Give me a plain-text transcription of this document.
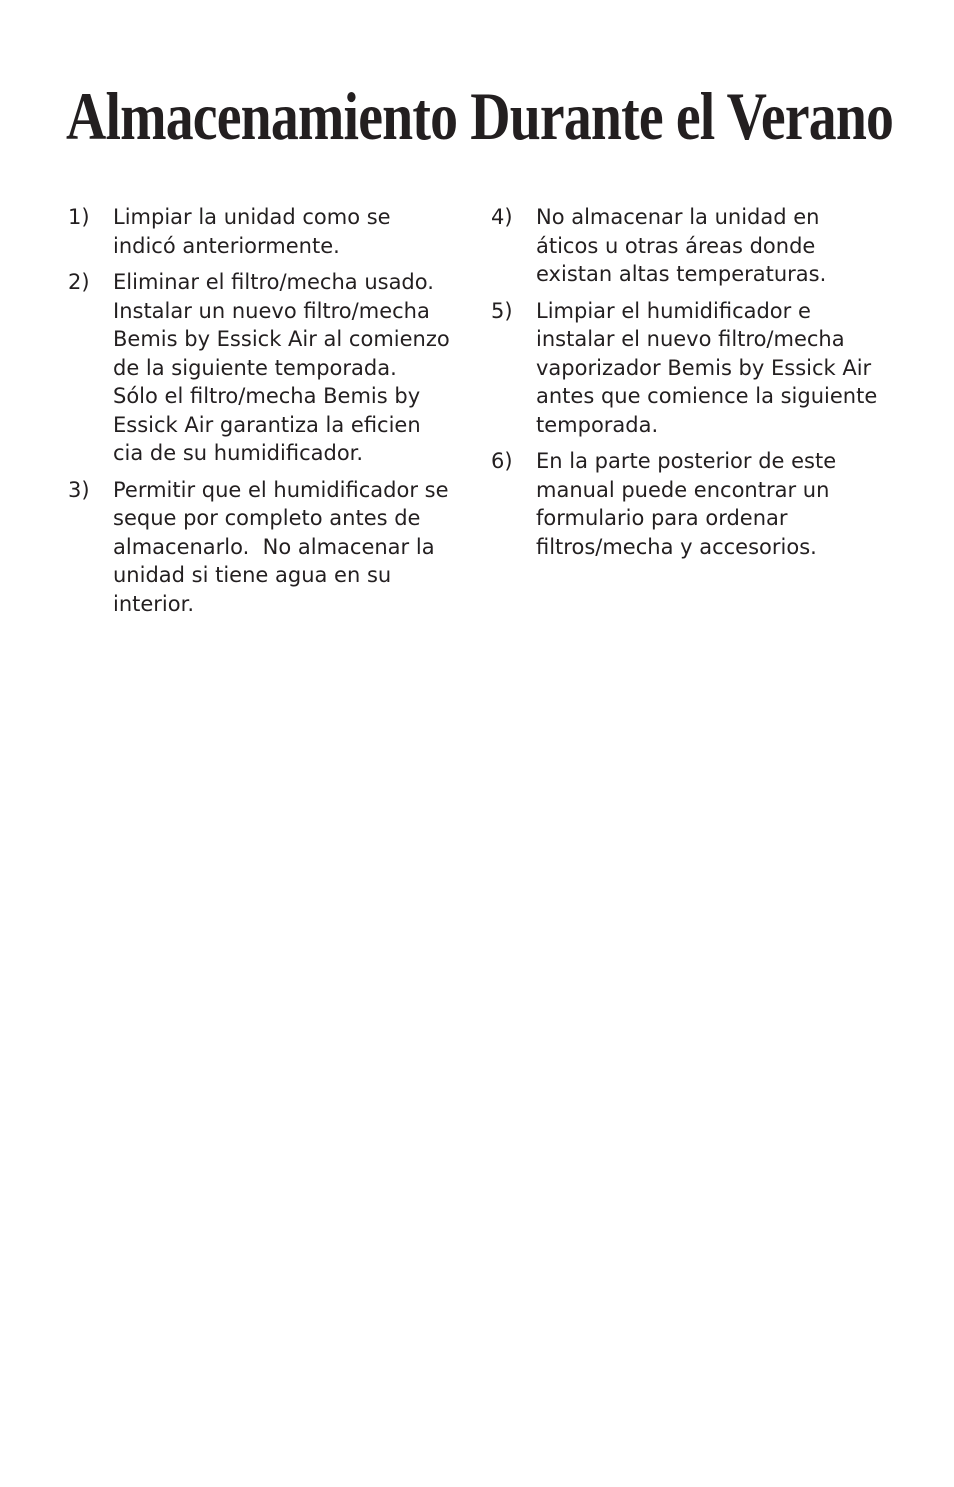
Almacenamiento Durante el Verano
1)	Limpiar la unidad como se
indicó anteriormente.
2)	Eliminar el filtro/mecha usado.
Instalar un nuevo filtro/mecha
Bemis by Essick Air al comienzo
de la siguiente temporada.
Sólo el filtro/mecha Bemis by
Essick Air garantiza la eficien
cia de su humidificador.
3)	Permitir que el humidificador se
seque por completo antes de
almacenarlo.  No almacenar la
unidad si tiene agua en su
interior.
4)	No almacenar la unidad en
áticos u otras áreas donde
existan altas temperaturas.
5)	Limpiar el humidificador e
instalar el nuevo filtro/mecha
vaporizador Bemis by Essick Air
antes que comience la siguiente
temporada.
6)	En la parte posterior de este
manual puede encontrar un
formulario para ordenar
filtros/mecha y accesorios.
